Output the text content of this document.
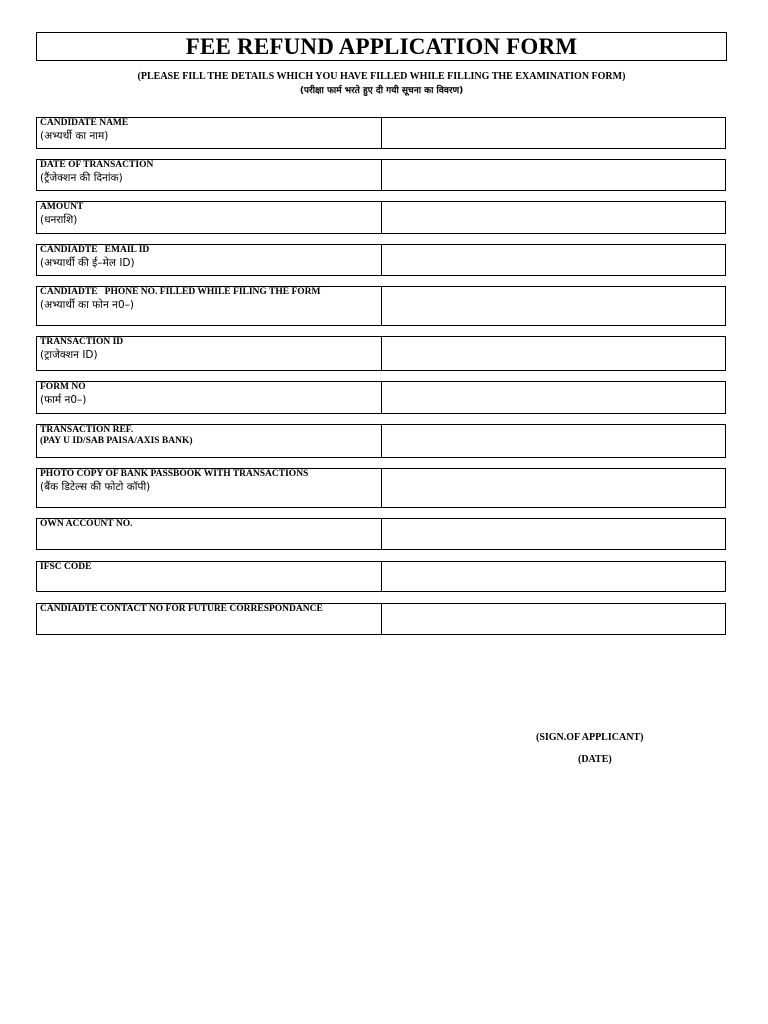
FEE REFUND APPLICATION FORM
(PLEASE FILL THE DETAILS WHICH YOU HAVE FILLED WHILE FILLING THE EXAMINATION FORM)
(परीक्षा फार्म भरते हुए दी गयी सूचना का विवरण)
CANDIDATE NAME
(अभ्यर्थी का नाम)
DATE OF TRANSACTION
(ट्रैंजेक्शन की दिनांक)
AMOUNT
(धनराशि)
CANDIADTE   EMAIL ID
(अभ्यार्थी की ई–मेल ID)
CANDIADTE   PHONE NO. FILLED WHILE FILING THE FORM
(अभ्यार्थी का फोन न0–)
TRANSACTION ID
(ट्राजेक्शन ID)
FORM NO
(फार्म न0–)
TRANSACTION REF.
(PAY U ID/SAB PAISA/AXIS BANK)
PHOTO COPY OF BANK PASSBOOK WITH TRANSACTIONS
(बैंक डिटेल्स की फोटो कॉपी)
OWN ACCOUNT NO.
IFSC CODE
CANDIADTE CONTACT NO FOR FUTURE CORRESPONDANCE
(SIGN.OF APPLICANT)
(DATE)
